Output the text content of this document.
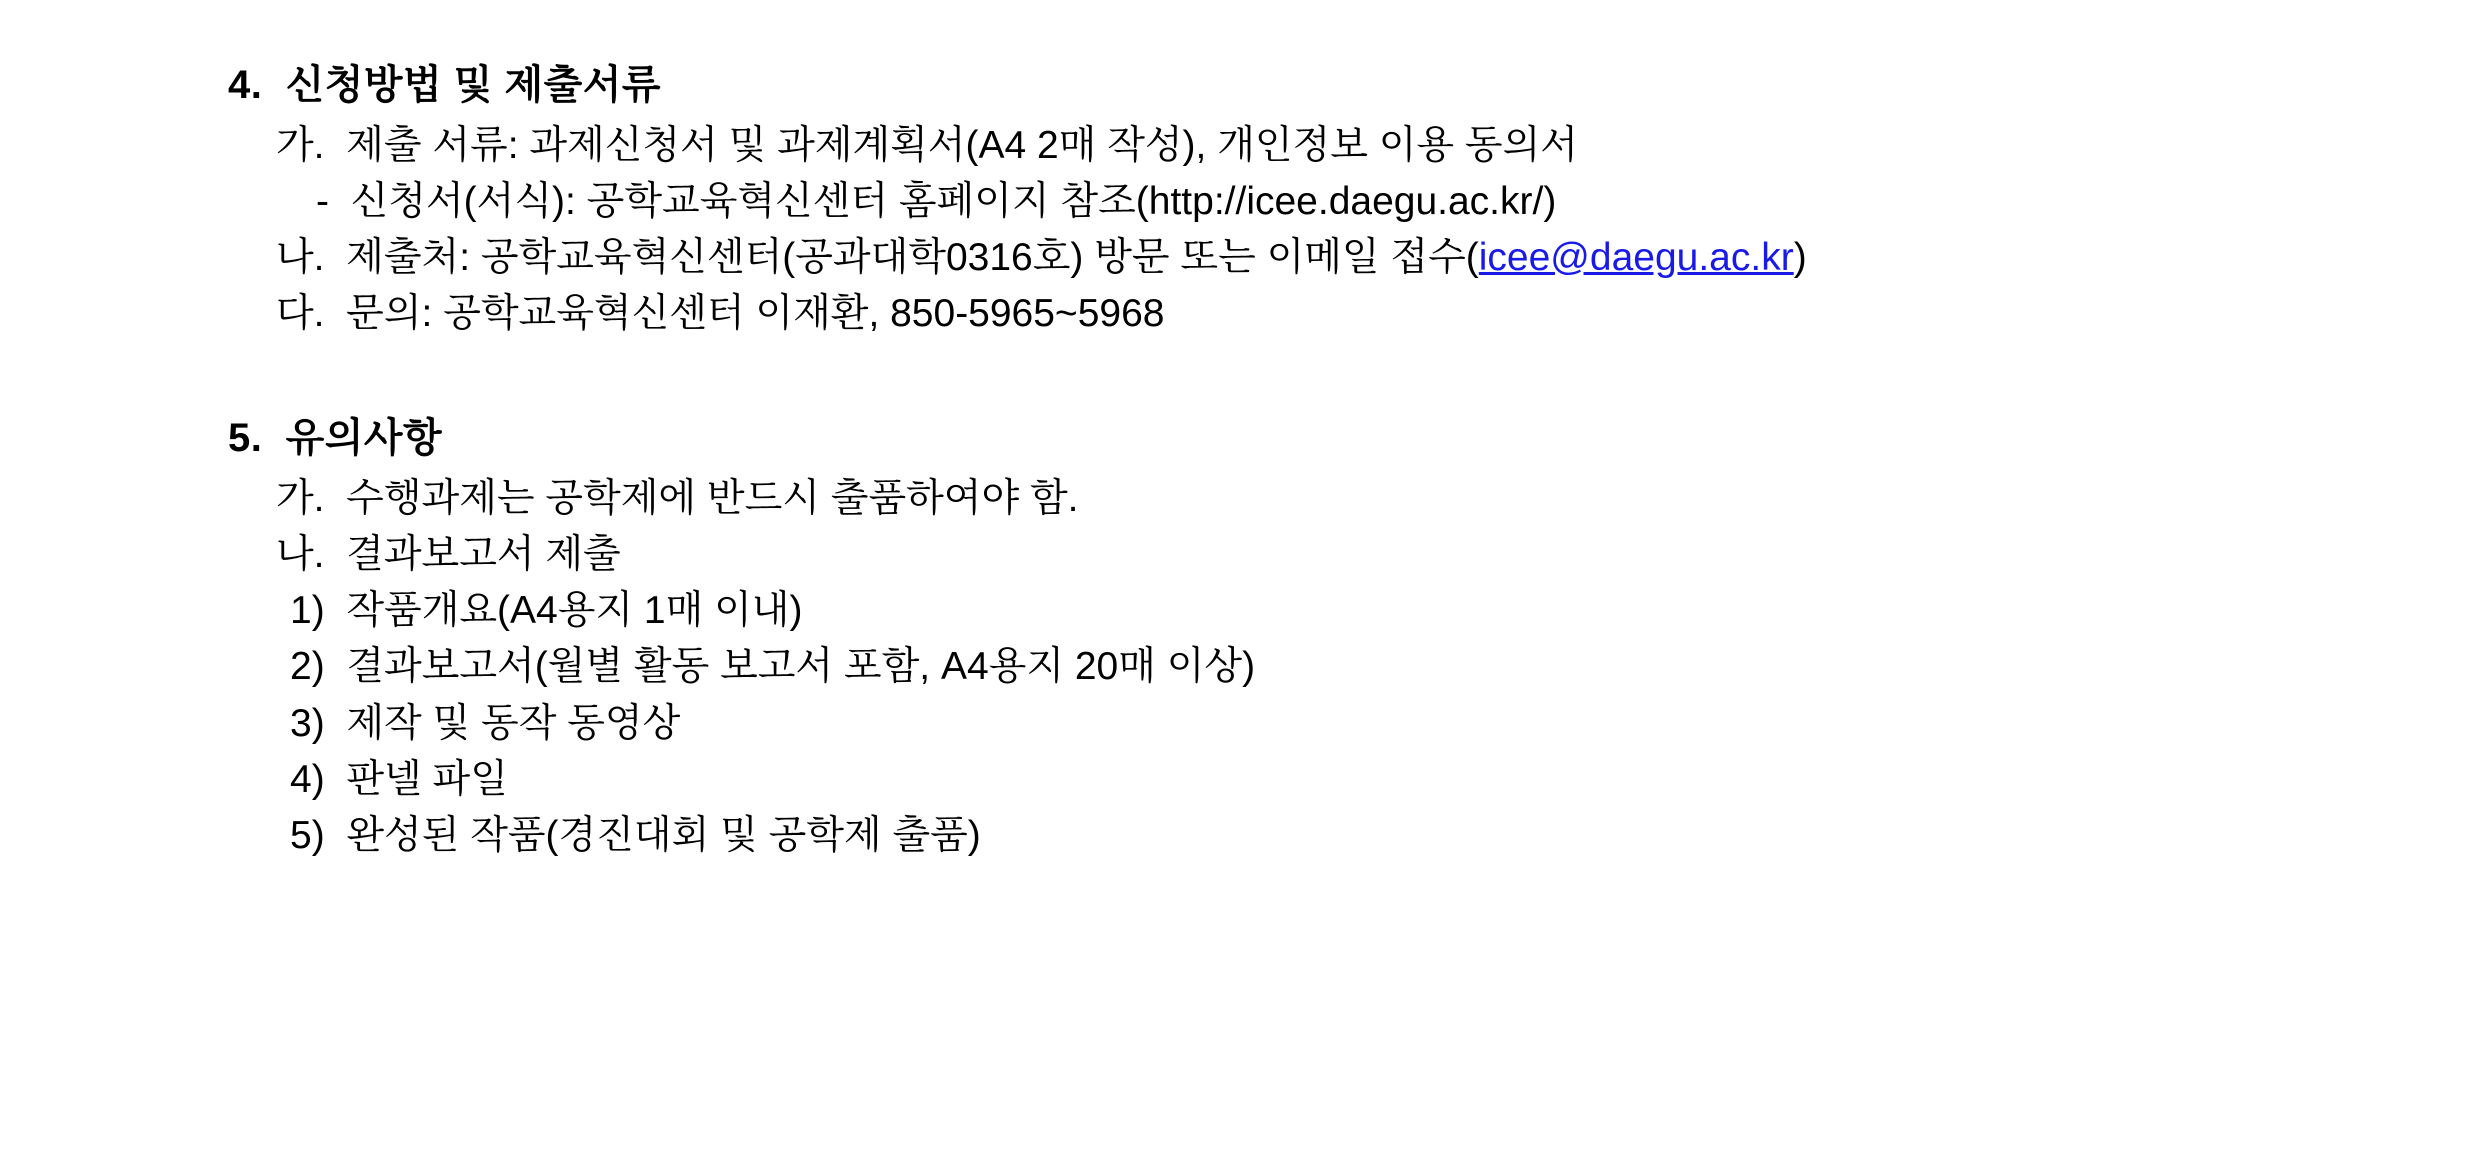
4.  신청방법 및 제출서류

가.  제출 서류: 과제신청서 및 과제계획서(A4 2매 작성), 개인정보 이용 동의서

-  신청서(서식): 공학교육혁신센터 홈페이지 참조(http://icee.daegu.ac.kr/)

나.  제출처: 공학교육혁신센터(공과대학0316호) 방문 또는 이메일 접수(icee@daegu.ac.kr)

다.  문의: 공학교육혁신센터 이재환, 850-5965~5968

5.  유의사항

가.  수행과제는 공학제에 반드시 출품하여야 함.

나.  결과보고서 제출

1)  작품개요(A4용지 1매 이내)

2)  결과보고서(월별 활동 보고서 포함, A4용지 20매 이상)

3)  제작 및 동작 동영상

4)  판넬 파일

5)  완성된 작품(경진대회 및 공학제 출품)
